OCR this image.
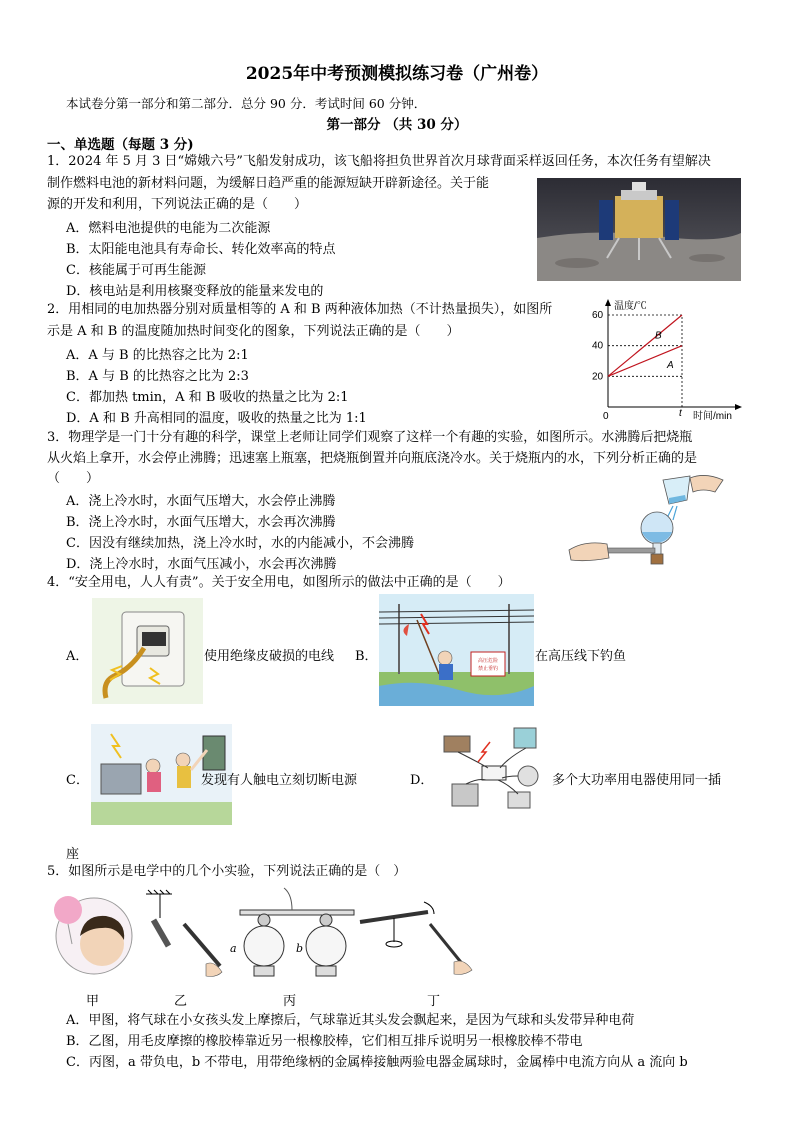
2025年中考预测模拟练习卷（广州卷）
本试卷分第一部分和第二部分．总分 90 分．考试时间 60 分钟．
第一部分 （共 30 分）
一、单选题（每题 3 分)
1．2024 年 5 月 3 日“嫦娥六号”飞船发射成功，该飞船将担负世界首次月球背面采样返回任务，本次任务有望解决
制作燃料电池的新材料问题，为缓解日趋严重的能源短缺开辟新途径。关于能
源的开发和利用，下列说法正确的是（　　）
A．燃料电池提供的电能为二次能源
B．太阳能电池具有寿命长、转化效率高的特点
C．核能属于可再生能源
D．核电站是利用核聚变释放的能量来发电的
2．用相同的电加热器分别对质量相等的 A 和 B 两种液体加热（不计热量损失），如图所
示是 A 和 B 的温度随加热时间变化的图象，下列说法正确的是（　　）
A．A 与 B 的比热容之比为 2:1
B．A 与 B 的比热容之比为 2:3
C．都加热 tmin，A 和 B 吸收的热量之比为 2:1
D．A 和 B 升高相同的温度，吸收的热量之比为 1:1
温度/℃
时间/min
0	t
20
40
60
A
B
3．物理学是一门十分有趣的科学，课堂上老师让同学们观察了这样一个有趣的实验，如图所示。水沸腾后把烧瓶
从火焰上拿开，水会停止沸腾；迅速塞上瓶塞，把烧瓶倒置并向瓶底浇冷水。关于烧瓶内的水，下列分析正确的是
（　　）
A．浇上冷水时，水面气压增大，水会停止沸腾
B．浇上冷水时，水面气压增大，水会再次沸腾
C．因没有继续加热，浇上冷水时，水的内能减小，不会沸腾
D．浇上冷水时，水面气压减小，水会再次沸腾
4．“安全用电，人人有责”。关于安全用电，如图所示的做法中正确的是（　　）
A．	使用绝缘皮破损的电线 B．	高压危险
禁止垂钓
在高压线下钓鱼
C．	发现有人触电立刻切断电源	D．	多个大功率用电器使用同一插
座
5．如图所示是电学中的几个小实验，下列说法正确的是（　）
a	b
甲	乙	丙	丁
A．甲图，将气球在小女孩头发上摩擦后，气球靠近其头发会飘起来，是因为气球和头发带异种电荷
B．乙图，用毛皮摩擦的橡胶棒靠近另一根橡胶棒，它们相互排斥说明另一根橡胶棒不带电
C．丙图，a 带负电，b 不带电，用带绝缘柄的金属棒接触两验电器金属球时，金属棒中电流方向从 a 流向 b
